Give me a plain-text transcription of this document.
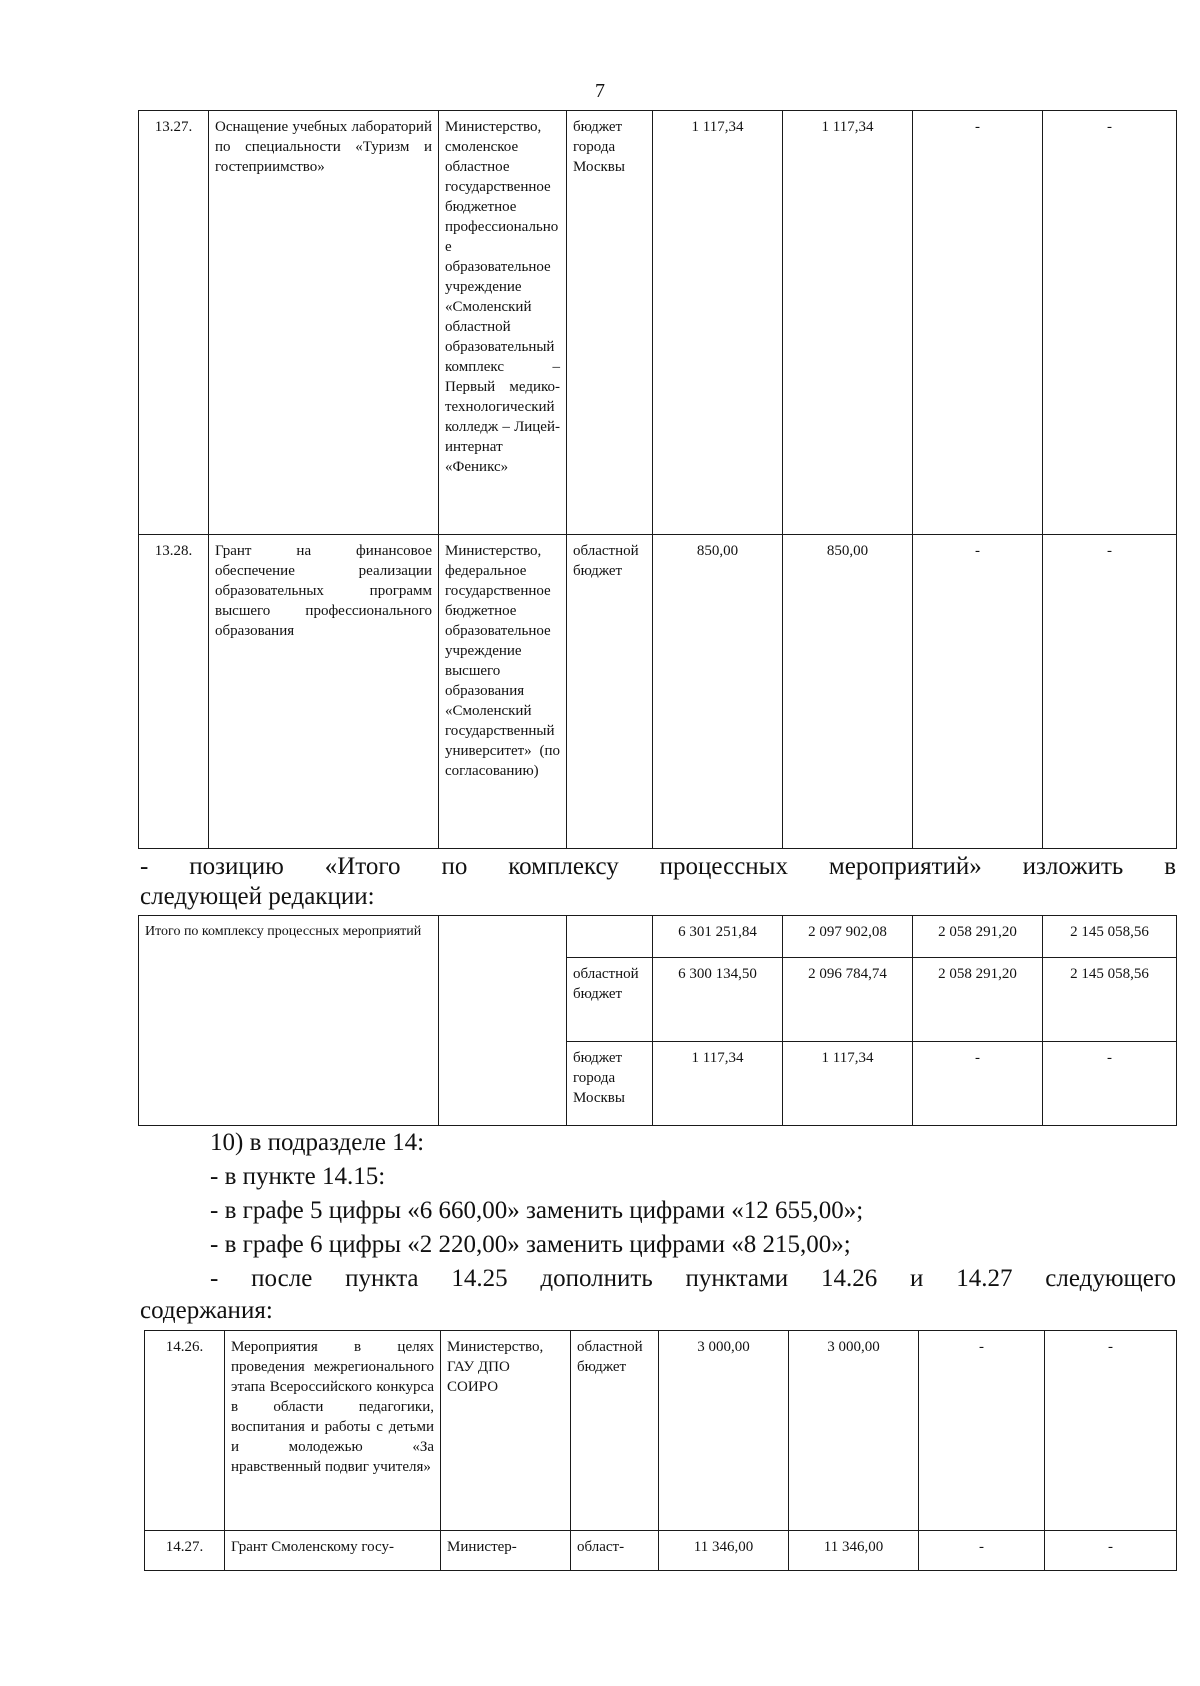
7
13.27.	Оснащение учебных лабораторий по специальности «Туризм и гостеприимство»	Министерство, смоленское областное государственное бюджетное профессиональное образовательное учреждение «Смоленский областной образовательный комплекс – Первый медико-технологический колледж – Лицей-интернат «Феникс»	бюджет города Москвы	1 117,34	1 117,34	-	-
13.28.	Грант на финансовое обеспечение реализации образовательных программ высшего профессионального образования	Министерство, федеральное государственное бюджетное образовательное учреждение высшего образования «Смоленский государственный университет» (по согласованию)	областной бюджет	850,00	850,00	-	-
- позицию «Итого по комплексу процессных мероприятий» изложить в
следующей редакции:
Итого по комплексу процессных мероприятий			6 301 251,84	2 097 902,08	2 058 291,20	2 145 058,56
		областной бюджет	6 300 134,50	2 096 784,74	2 058 291,20	2 145 058,56
		бюджет города Москвы	1 117,34	1 117,34	-	-
10) в подразделе 14:
- в пункте 14.15:
- в графе 5 цифры «6 660,00» заменить цифрами «12 655,00»;
- в графе 6 цифры «2 220,00» заменить цифрами «8 215,00»;
- после пункта 14.25 дополнить пунктами 14.26 и 14.27 следующего
содержания:
14.26.	Мероприятия в целях проведения межрегионального этапа Всероссийского конкурса в области педагогики, воспитания и работы с детьми и молодежью «За нравственный подвиг учителя»	Министерство, ГАУ ДПО СОИРО	областной бюджет	3 000,00	3 000,00	-	-
14.27.	Грант Смоленскому госу-	Министер-	област-	11 346,00	11 346,00	-	-
